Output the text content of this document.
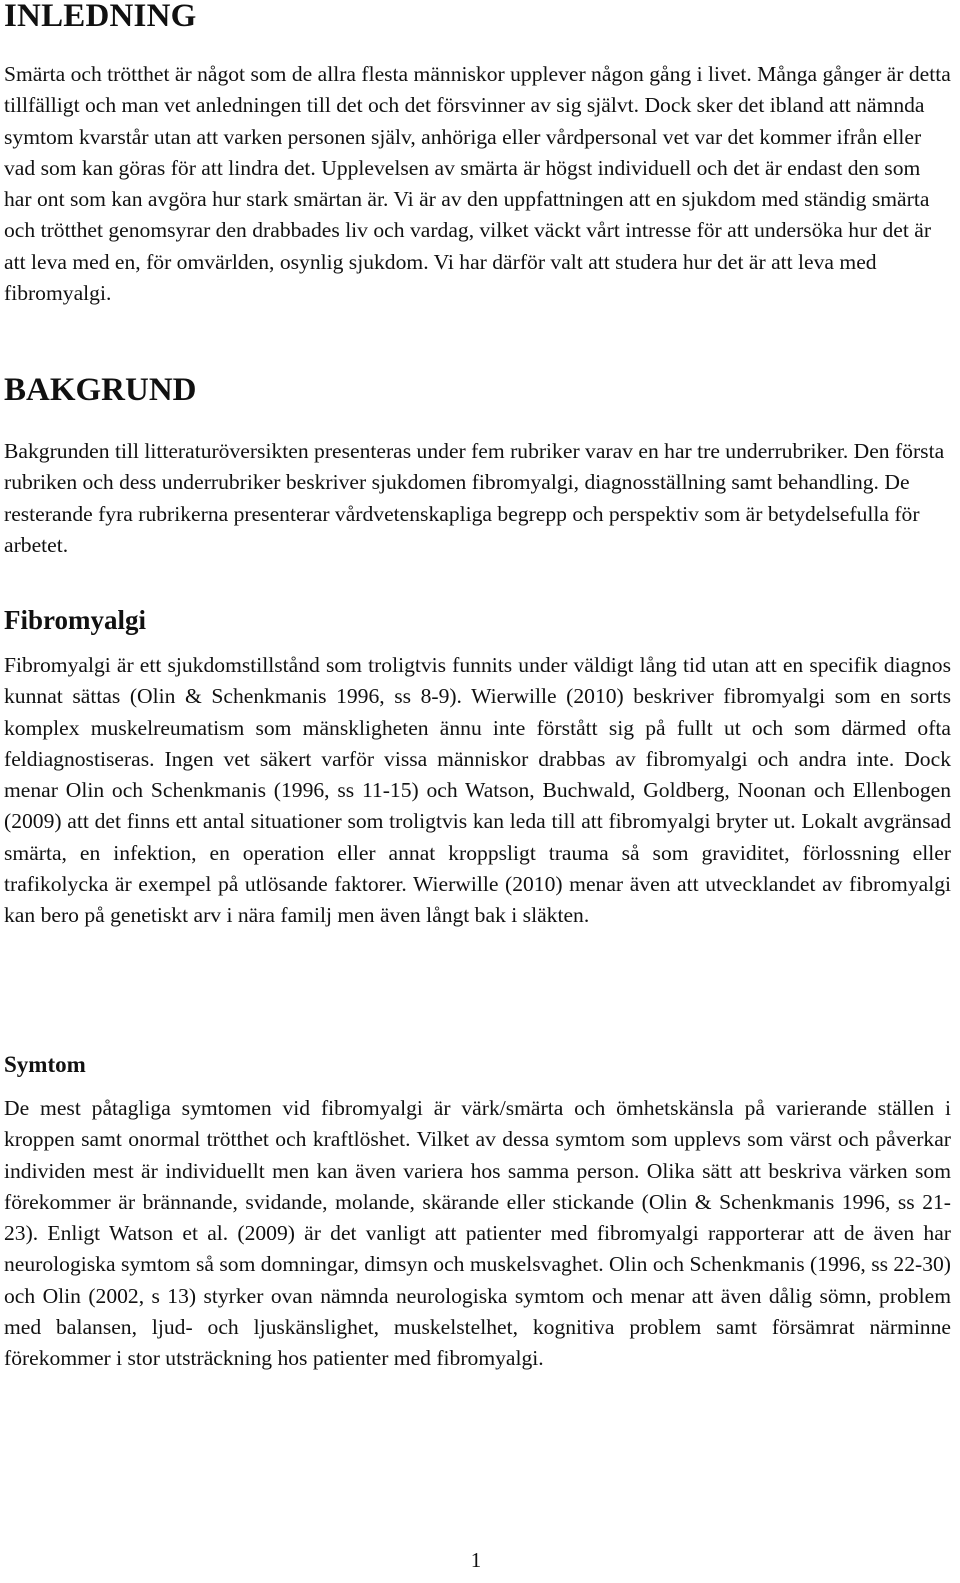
INLEDNING

Smärta och trötthet är något som de allra flesta människor upplever någon gång i livet. Många gånger är detta tillfälligt och man vet anledningen till det och det försvinner av sig självt. Dock sker det ibland att nämnda symtom kvarstår utan att varken personen själv, anhöriga eller vårdpersonal vet var det kommer ifrån eller vad som kan göras för att lindra det. Upplevelsen av smärta är högst individuell och det är endast den som har ont som kan avgöra hur stark smärtan är. Vi är av den uppfattningen att en sjukdom med ständig smärta och trötthet genomsyrar den drabbades liv och vardag, vilket väckt vårt intresse för att undersöka hur det är att leva med en, för omvärlden, osynlig sjukdom. Vi har därför valt att studera hur det är att leva med fibromyalgi.

BAKGRUND

Bakgrunden till litteraturöversikten presenteras under fem rubriker varav en har tre underrubriker. Den första rubriken och dess underrubriker beskriver sjukdomen fibromyalgi, diagnosställning samt behandling. De resterande fyra rubrikerna presenterar vårdvetenskapliga begrepp och perspektiv som är betydelsefulla för arbetet.

Fibromyalgi

Fibromyalgi är ett sjukdomstillstånd som troligtvis funnits under väldigt lång tid utan att en specifik diagnos kunnat sättas (Olin & Schenkmanis 1996, ss 8-9). Wierwille (2010) beskriver fibromyalgi som en sorts komplex muskelreumatism som mänskligheten ännu inte förstått sig på fullt ut och som därmed ofta feldiagnostiseras. Ingen vet säkert varför vissa människor drabbas av fibromyalgi och andra inte. Dock menar Olin och Schenkmanis (1996, ss 11-15) och Watson, Buchwald, Goldberg, Noonan och Ellenbogen (2009) att det finns ett antal situationer som troligtvis kan leda till att fibromyalgi bryter ut. Lokalt avgränsad smärta, en infektion, en operation eller annat kroppsligt trauma så som graviditet, förlossning eller trafikolycka är exempel på utlösande faktorer. Wierwille (2010) menar även att utvecklandet av fibromyalgi kan bero på genetiskt arv i nära familj men även långt bak i släkten.

Symtom

De mest påtagliga symtomen vid fibromyalgi är värk/smärta och ömhetskänsla på varierande ställen i kroppen samt onormal trötthet och kraftlöshet. Vilket av dessa symtom som upplevs som värst och påverkar individen mest är individuellt men kan även variera hos samma person. Olika sätt att beskriva värken som förekommer är brännande, svidande, molande, skärande eller stickande (Olin & Schenkmanis 1996, ss 21-23). Enligt Watson et al. (2009) är det vanligt att patienter med fibromyalgi rapporterar att de även har neurologiska symtom så som domningar, dimsyn och muskelsvaghet. Olin och Schenkmanis (1996, ss 22-30) och Olin (2002, s 13) styrker ovan nämnda neurologiska symtom och menar att även dålig sömn, problem med balansen, ljud- och ljuskänslighet, muskelstelhet, kognitiva problem samt försämrat närminne förekommer i stor utsträckning hos patienter med fibromyalgi.

1
